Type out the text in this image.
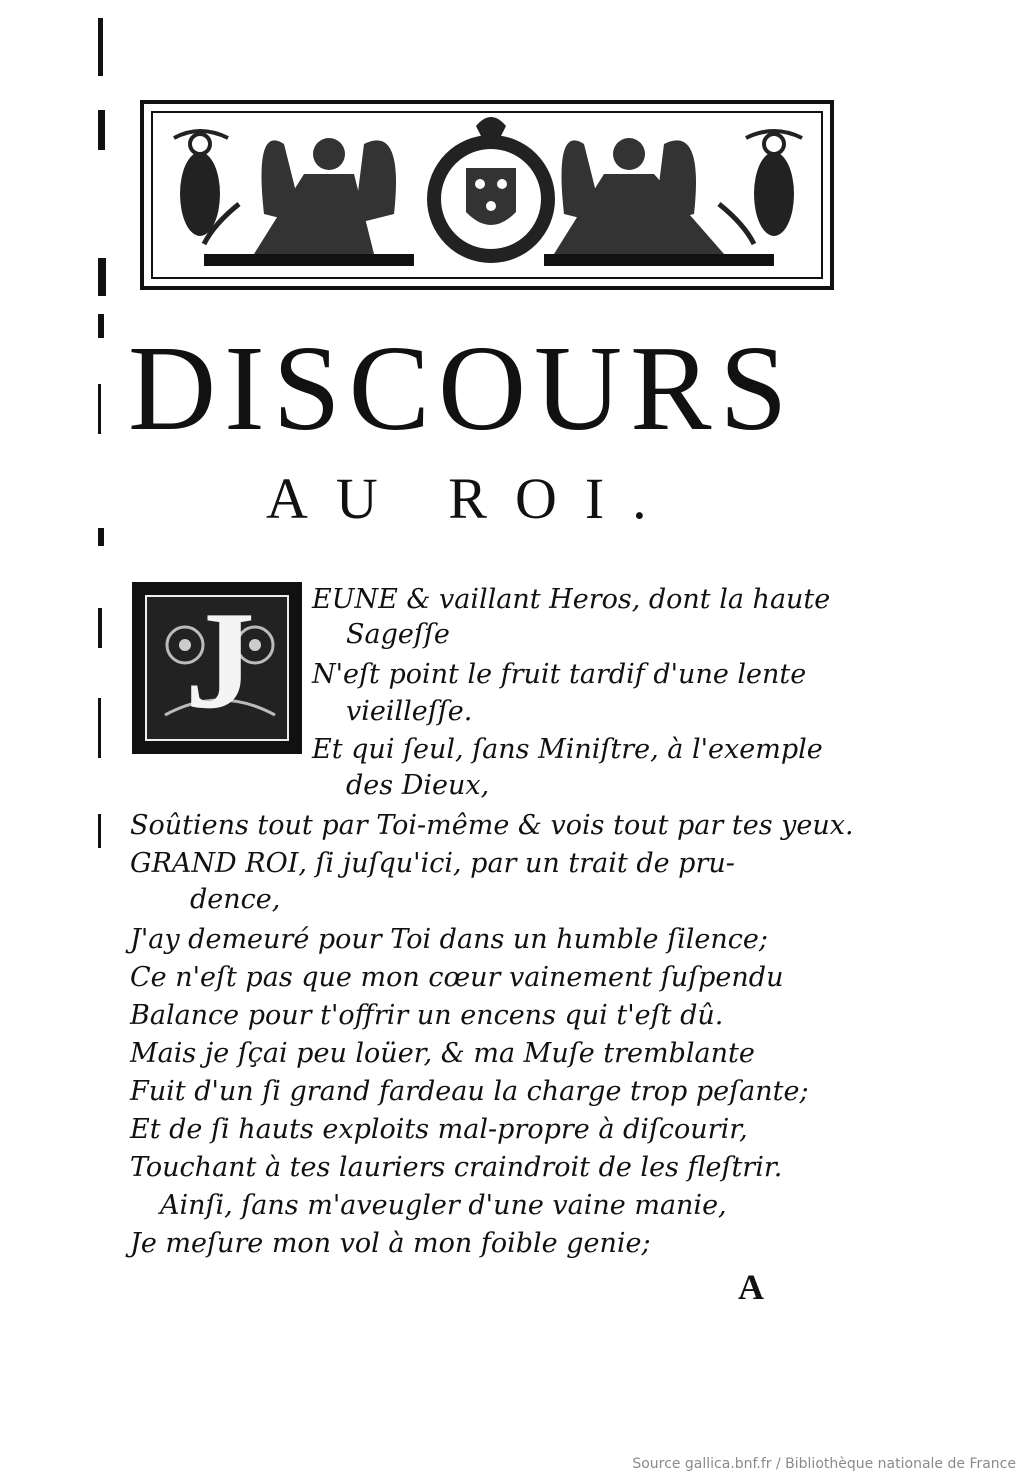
DISCOURS
AU ROI.
J	EUNE & vaillant Heros, dont la haute
Sageſſe
N'eſt point le fruit tardif d'une lente
vieilleſſe.
Et qui ſeul, ſans Miniſtre, à l'exemple
des Dieux,
Soûtiens tout par Toi-même & vois tout par tes yeux.
GRAND ROI, ſi juſqu'ici, par un trait de pru-
dence,
J'ay demeuré pour Toi dans un humble ſilence;
Ce n'eſt pas que mon cœur vainement ſuſpendu
Balance pour t'offrir un encens qui t'eſt dû.
Mais je ſçai peu loüer, & ma Muſe tremblante
Fuit d'un ſi grand fardeau la charge trop peſante;
Et de ſi hauts exploits mal-propre à diſcourir,
Touchant à tes lauriers craindroit de les fleſtrir.
Ainſi, ſans m'aveugler d'une vaine manie,
Je meſure mon vol à mon foible genie;
A
Source gallica.bnf.fr / Bibliothèque nationale de France
